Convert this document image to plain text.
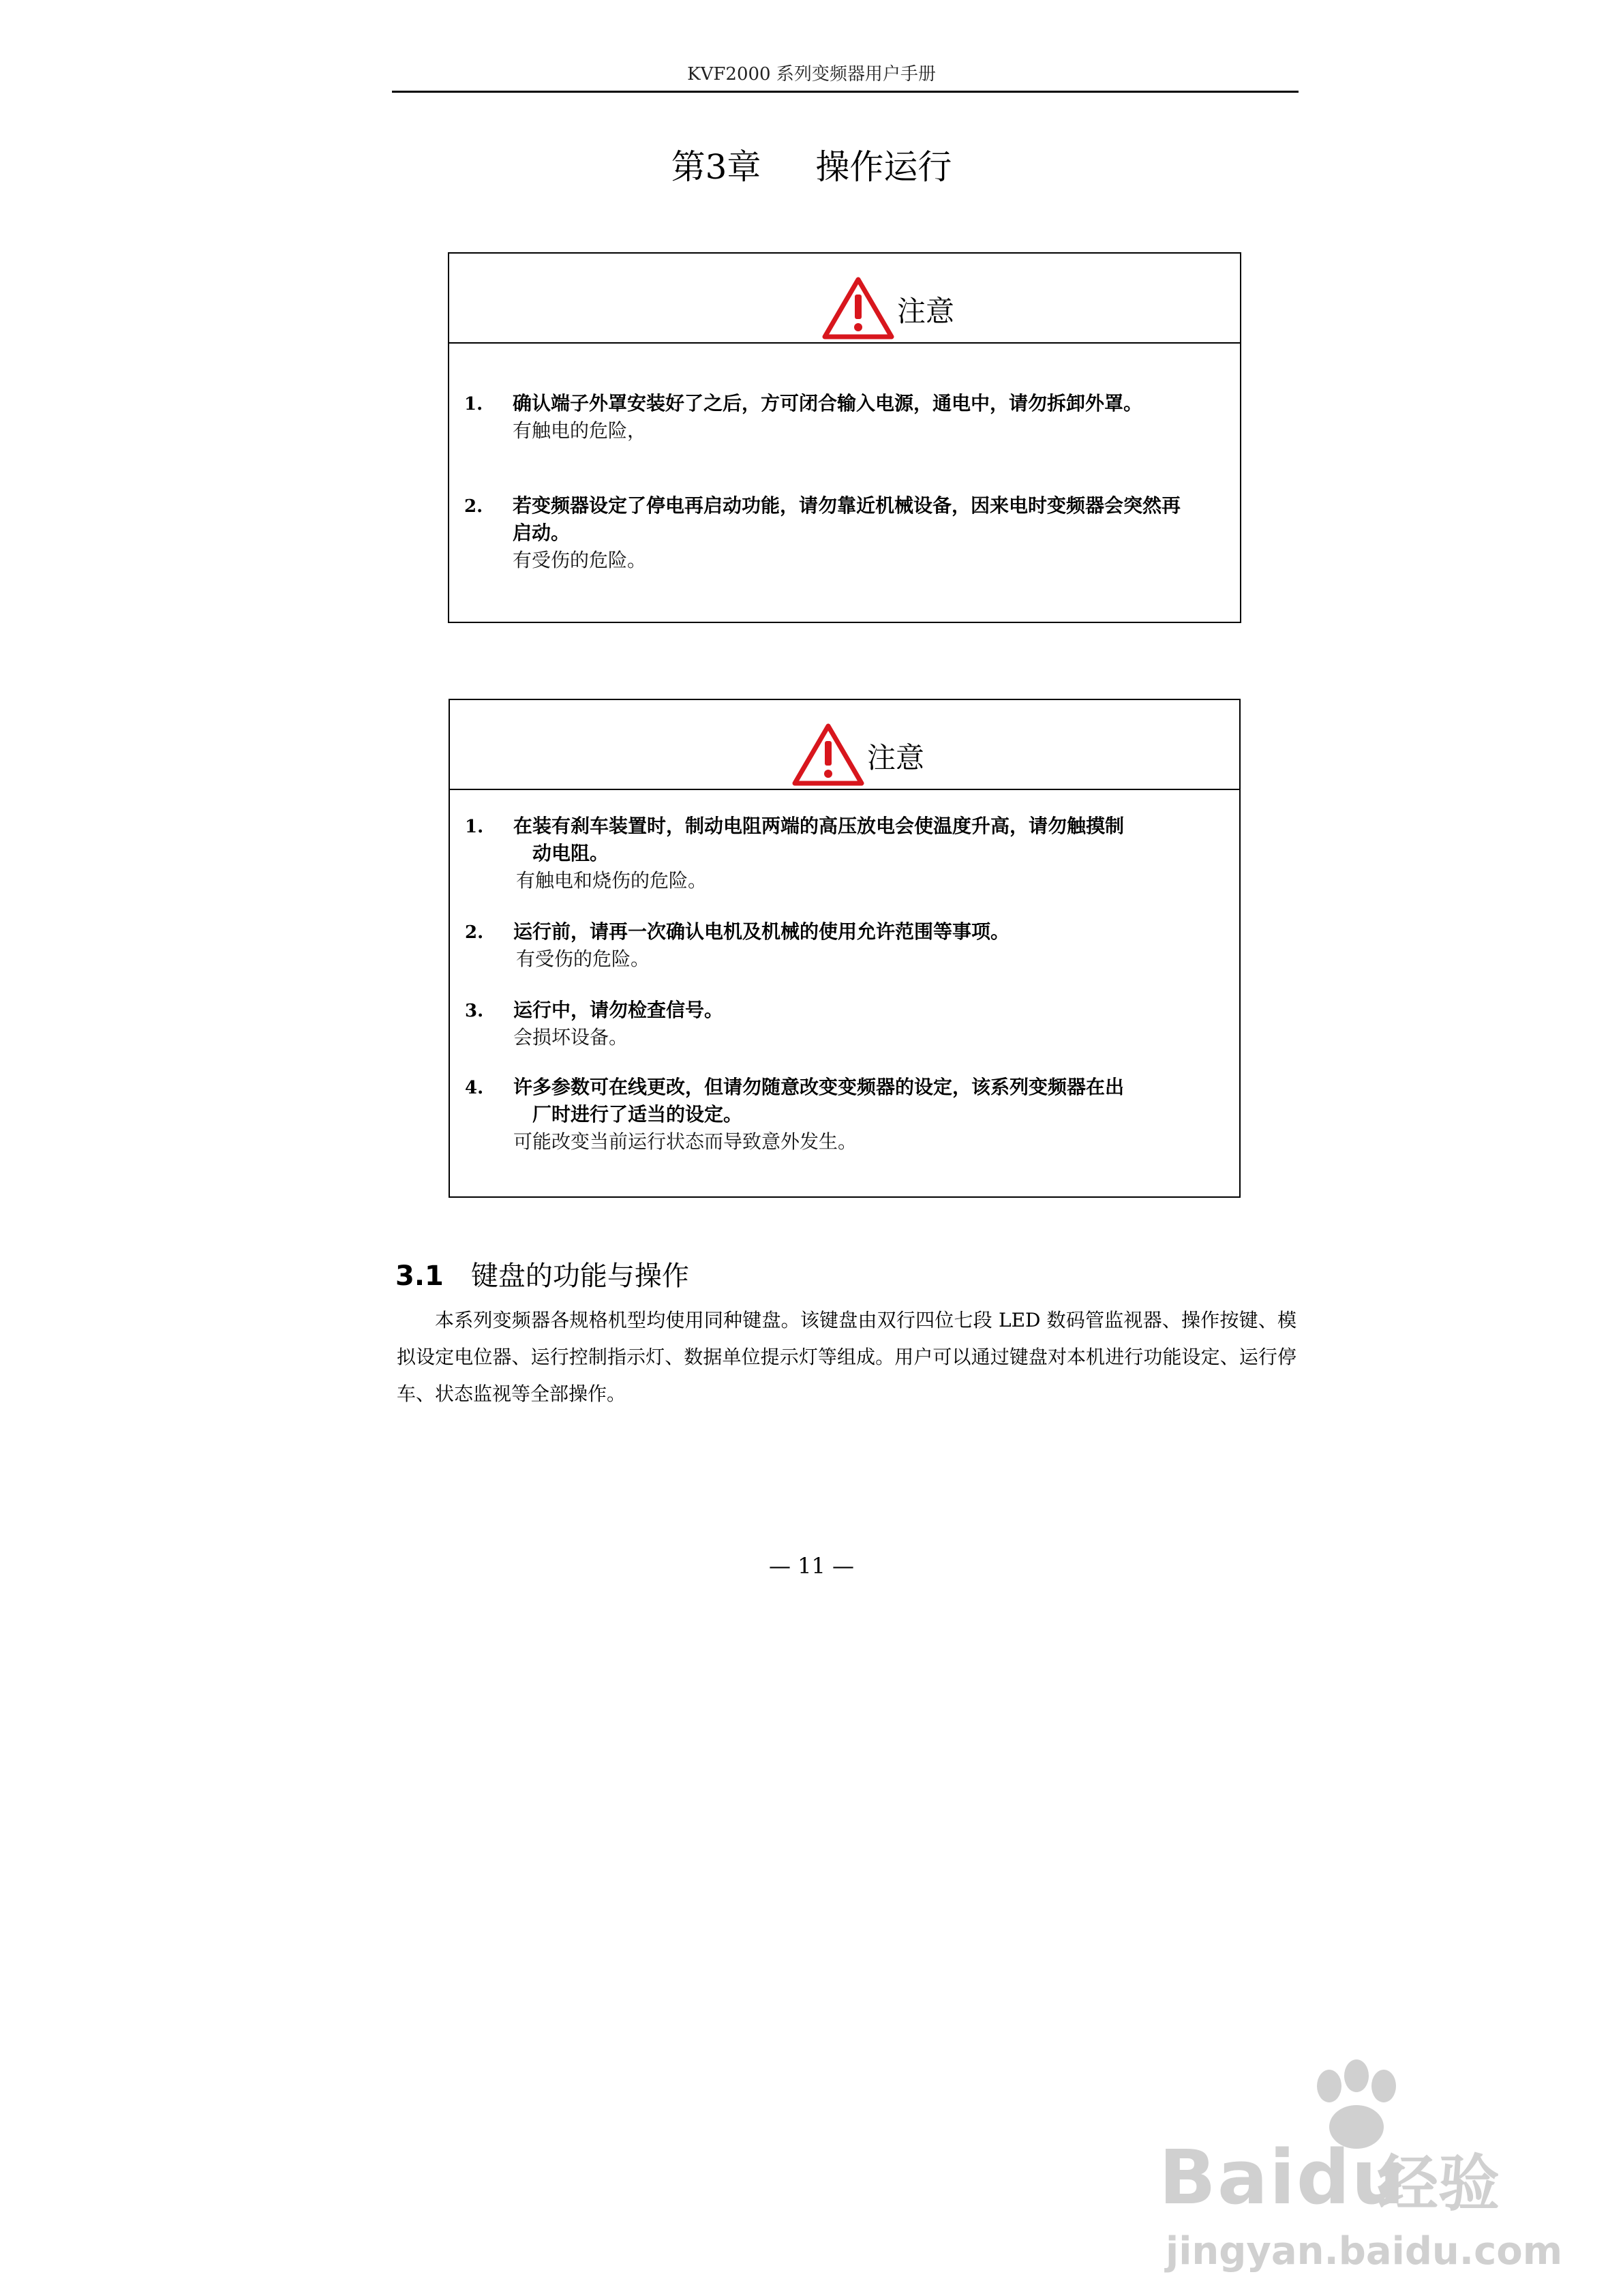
KVF2000 系列变频器用户手册
第3章 操作运行
注意
1. 确认端子外罩安装好了之后，方可闭合输入电源，通电中，请勿拆卸外罩。
有触电的危险，
2. 若变频器设定了停电再启动功能，请勿靠近机械设备，因来电时变频器会突然再
启动。
有受伤的危险。
注意
1. 在装有刹车装置时，制动电阻两端的高压放电会使温度升高，请勿触摸制
动电阻。
有触电和烧伤的危险。
2. 运行前，请再一次确认电机及机械的使用允许范围等事项。
有受伤的危险。
3. 运行中，请勿检查信号。
会损坏设备。
4. 许多参数可在线更改，但请勿随意改变变频器的设定，该系列变频器在出
厂时进行了适当的设定。
可能改变当前运行状态而导致意外发生。
3.1 键盘的功能与操作
本系列变频器各规格机型均使用同种键盘。该键盘由双行四位七段 LED 数码管监视器、操作按键、模拟设定电位器、运行控制指示灯、数据单位提示灯等组成。用户可以通过键盘对本机进行功能设定、运行停车、状态监视等全部操作。
— 11 —
Baidu
经验
jingyan.baidu.com
